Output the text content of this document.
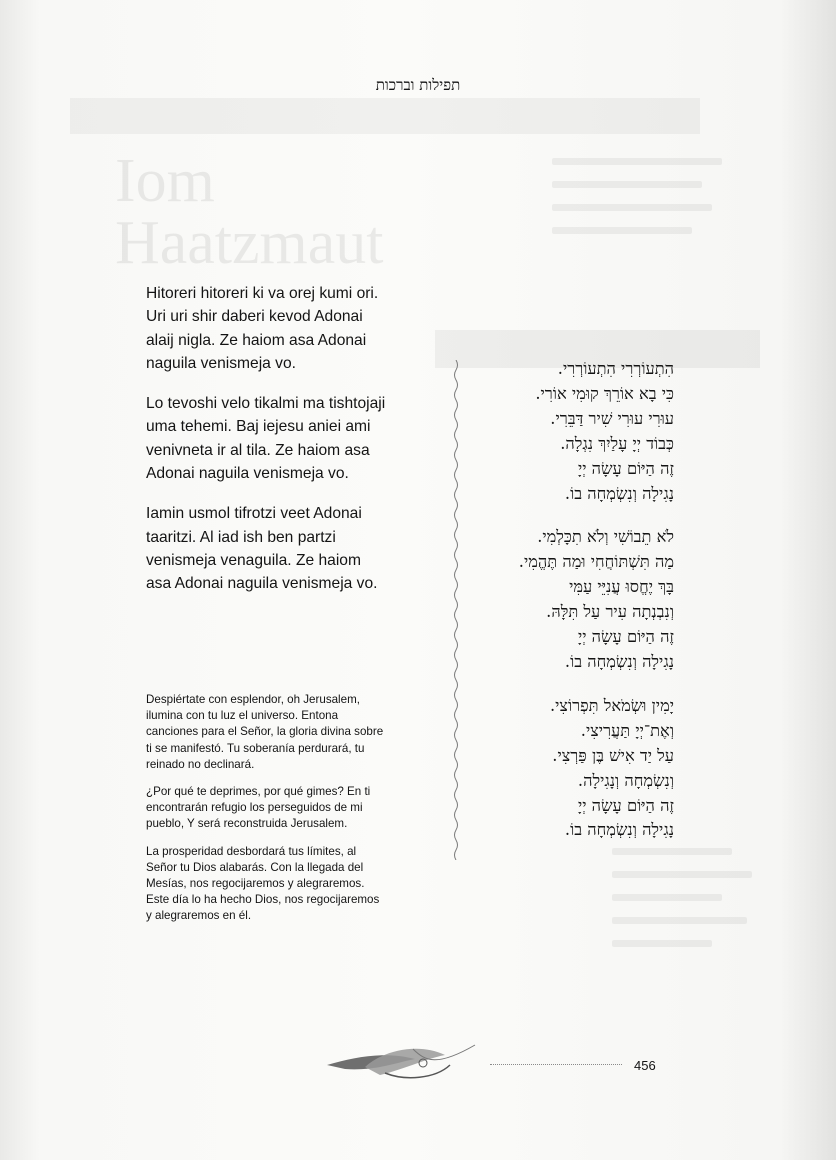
Iom
Haatzmaut
תפילות וברכות

Hitoreri hitoreri ki va orej kumi ori. Uri uri shir daberi kevod Adonai alaij nigla. Ze haiom asa Adonai naguila venismeja vo.

Lo tevoshi velo tikalmi ma tishtojaji uma tehemi. Baj iejesu aniei ami venivneta ir al tila. Ze haiom asa Adonai naguila venismeja vo.

Iamin usmol tifrotzi veet Adonai taaritzi. Al iad ish ben partzi venismeja venaguila. Ze haiom asa Adonai naguila venismeja vo.

Despiértate con esplendor, oh Jerusalem, ilumina con tu luz el universo. Entona canciones para el Señor, la gloria divina sobre ti se manifestó. Tu soberanía perdurará, tu reinado no declinará.

¿Por qué te deprimes, por qué gimes? En ti encontrarán refugio los perseguidos de mi pueblo, Y será reconstruida Jerusalem.

La prosperidad desbordará tus límites, al Señor tu Dios alabarás. Con la llegada del Mesías, nos regocijaremos y alegraremos. Este día lo ha hecho Dios, nos regocijaremos y alegraremos en él.

הִתְעוֹרְרִי הִתְעוֹרְרִי.
כִּי בָא אוֹרֵךְ קוּמִי אוֹרִי.
עוּרִי עוּרִי שִׁיר דַּבֵּרִי.
כְּבוֹד יְיָ עָלַיִךְ נִגְלָה.
זֶה הַיּוֹם עָשָׂה יְיָ
נָגִילָה וְנִשְׂמְחָה בוֹ.

לֹא תֵבוֹשִׁי וְלֹא תִכָּלְמִי.
מַה תִּשְׁתּוֹחֲחִי וּמַה תֶּהֱמִי.
בָּךְ יֶחֱסוּ עֲנִיֵּי עַמִּי
וְנִבְנְתָה עִיר עַל תִּלָּהּ.
זֶה הַיּוֹם עָשָׂה יְיָ
נָגִילָה וְנִשְׂמְחָה בוֹ.

יָמִין וּשְׂמֹאל תִּפְרוֹצִי.
וְאֶת־יְיָ תַּעֲרִיצִי.
עַל יַד אִישׁ בֶּן פַּרְצִי.
וְנִשְׂמְחָה וְנָגִילָה.
זֶה הַיּוֹם עָשָׂה יְיָ
נָגִילָה וְנִשְׂמְחָה בוֹ.

456
